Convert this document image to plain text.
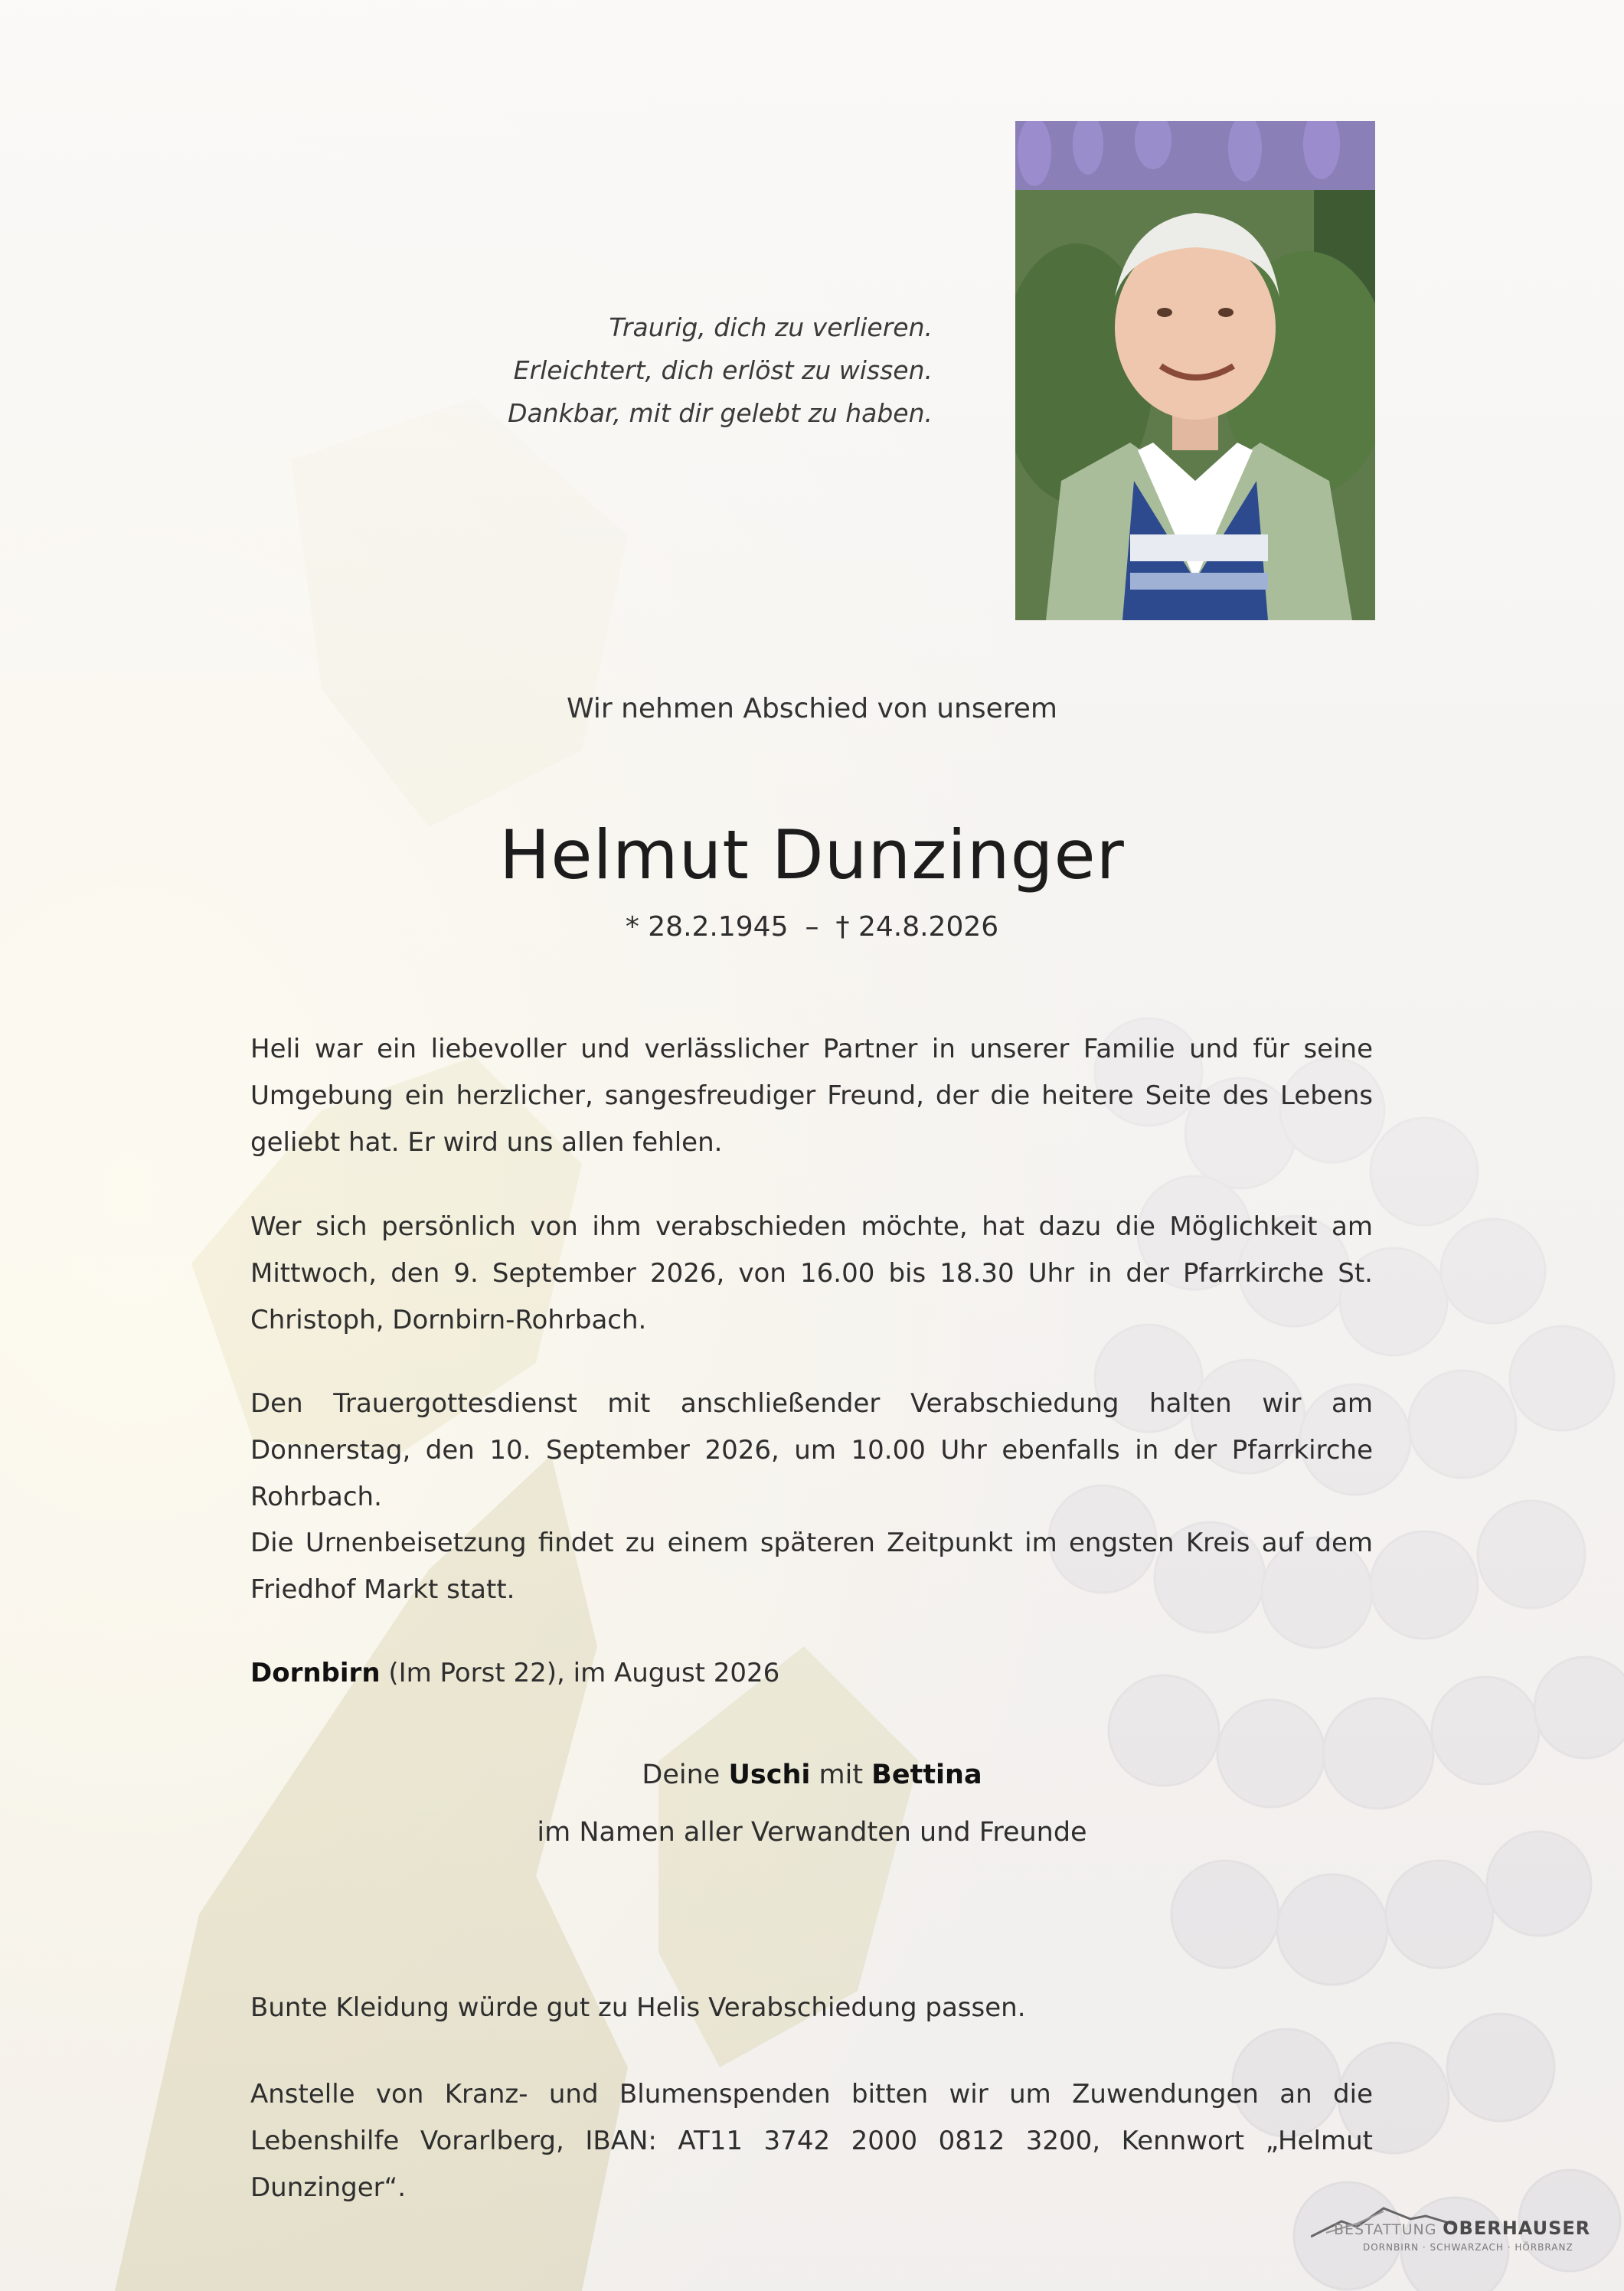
Traurig, dich zu verlieren.
Erleichtert, dich erlöst zu wissen.
Dankbar, mit dir gelebt zu haben.
Wir nehmen Abschied von unserem
Helmut Dunzinger
* 28.2.1945 – † 24.8.2026
Heli war ein liebevoller und verlässlicher Partner in unserer Familie und für seine Umgebung ein herzlicher, sangesfreudiger Freund, der die heitere Seite des Lebens geliebt hat. Er wird uns allen fehlen.
Wer sich persönlich von ihm verabschieden möchte, hat dazu die Möglichkeit am Mittwoch, den 9. September 2026, von 16.00 bis 18.30 Uhr in der Pfarrkirche St. Christoph, Dornbirn-Rohrbach.
Den Trauergottesdienst mit anschließender Verabschiedung halten wir am Donnerstag, den 10. September 2026, um 10.00 Uhr ebenfalls in der Pfarrkirche Rohrbach.
Die Urnenbeisetzung findet zu einem späteren Zeitpunkt im engsten Kreis auf dem Friedhof Markt statt.
Dornbirn (Im Porst 22), im August 2026
Deine Uschi mit Bettina
im Namen aller Verwandten und Freunde
Bunte Kleidung würde gut zu Helis Verabschiedung passen.
Anstelle von Kranz- und Blumenspenden bitten wir um Zuwendungen an die Lebenshilfe Vorarlberg, IBAN: AT11 3742 2000 0812 3200, Kennwort „Helmut Dunzinger“.
BESTATTUNG OBERHAUSER
DORNBIRN · SCHWARZACH · HÖRBRANZ
